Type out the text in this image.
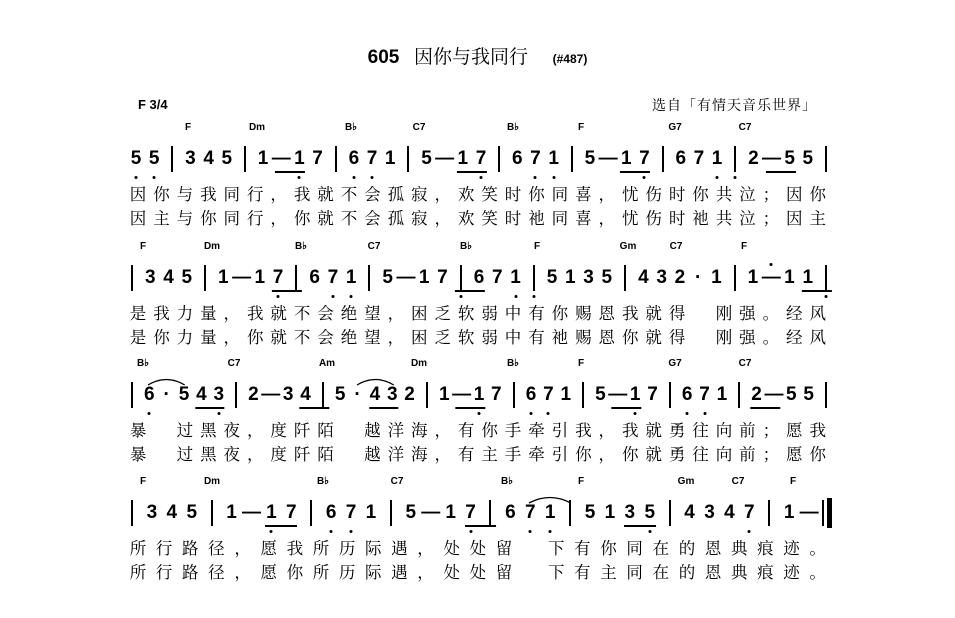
605 因你与我同行 (#487)
F 3/4	选自「有情天音乐世界」
F	Dm	B♭	C7	B♭	F	G7	C7
5 5 3 4 5 1 — 1 7 6 7 1 5 — 1 7 6 7 1 5 — 1 7 6 7 1 2 — 5 5
因 你 与 我 同 行 ， 我 就 不 会 孤 寂 ， 欢 笑 时 你 同 喜 ， 忧 伤 时 你 共 泣 ； 因 你
因 主 与 你 同 行 ， 你 就 不 会 孤 寂 ， 欢 笑 时 祂 同 喜 ， 忧 伤 时 祂 共 泣 ； 因 主
F	Dm	B♭	C7	B♭	F	Gm	C7	F
3 4 5 1 — 1 7 6 7 1 5 — 1 7 6 7 1 5 1 3 5 4 3 2 · 1 1 — 1 1
是 我 力 量 ， 我 就 不 会 绝 望 ， 困 乏 软 弱 中 有 你 赐 恩 我 就 得
　 刚 强 。 经 风
是 你 力 量 ， 你 就 不 会 绝 望 ， 困 乏 软 弱 中 有 祂 赐 恩 你 就 得
　 刚 强 。 经 风
B♭	C7	Am	Dm	B♭	F	G7	C7
6 · 5 4 3 2 — 3 4 5 · 4 3 2 1 — 1 7 6 7 1 5 — 1 7 6 7 1 2 — 5 5
暴
　 过 黑 夜 ， 度 阡 陌
　 越 洋 海 ， 有 你 手 牵 引 我 ， 我 就 勇 往 向 前 ； 愿 我
暴
　 过 黑 夜 ， 度 阡 陌
　 越 洋 海 ， 有 主 手 牵 引 你 ， 你 就 勇 往 向 前 ； 愿 你
F	Dm	B♭	C7	B♭	F	Gm	C7	F
3 4 5 1 — 1 7 6 7 1 5 — 1 7 6 7 1 5 1 3 5 4 3 4 7 1 —
所 行 路 径 ， 愿 我 所 历 际 遇 ， 处 处 留
　 下 有 你 同 在 的 恩 典 痕 迹 。
所 行 路 径 ， 愿 你 所 历 际 遇 ， 处 处 留
　 下 有 主 同 在 的 恩 典 痕 迹 。
